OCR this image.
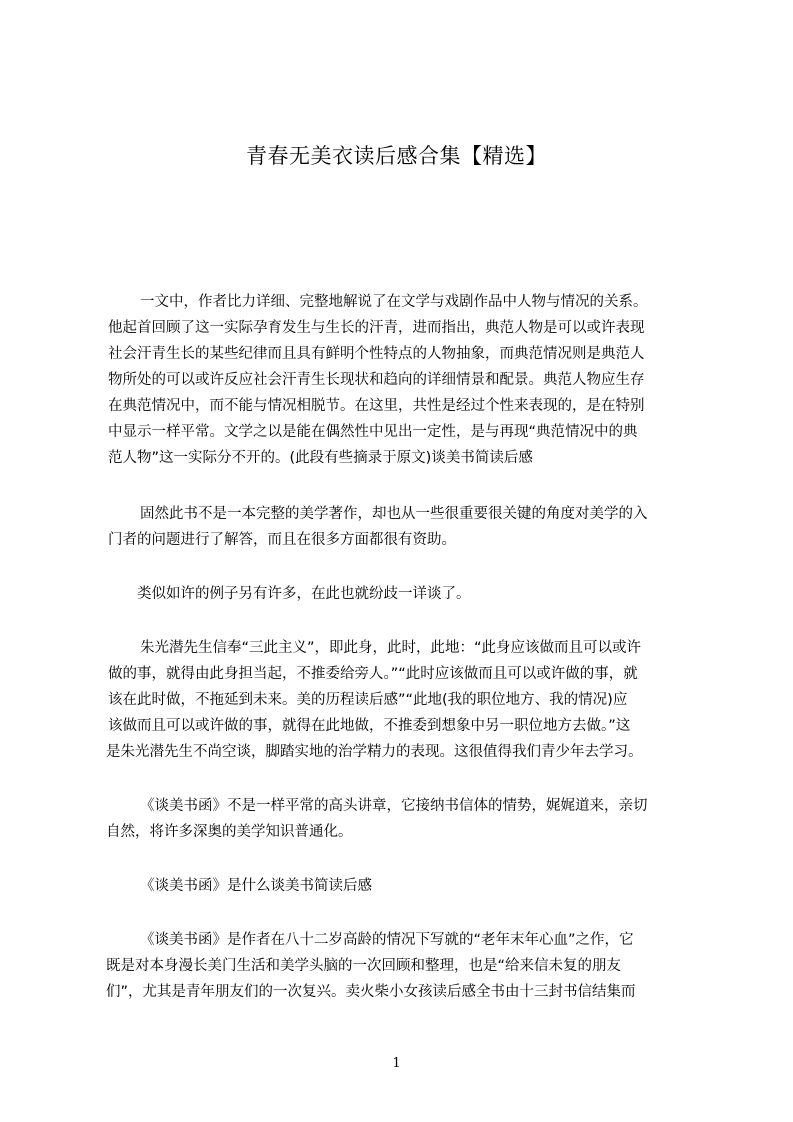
青春无美衣读后感合集【精选】
一文中，作者比力详细、完整地解说了在文学与戏剧作品中人物与情况的关系。
他起首回顾了这一实际孕育发生与生长的汗青，进而指出，典范人物是可以或许表现
社会汗青生长的某些纪律而且具有鲜明个性特点的人物抽象，而典范情况则是典范人
物所处的可以或许反应社会汗青生长现状和趋向的详细情景和配景。典范人物应生存
在典范情况中，而不能与情况相脱节。在这里，共性是经过个性来表现的，是在特别
中显示一样平常。文学之以是能在偶然性中见出一定性，是与再现“典范情况中的典
范人物”这一实际分不开的。(此段有些摘录于原文)谈美书简读后感
固然此书不是一本完整的美学著作，却也从一些很重要很关键的角度对美学的入
门者的问题进行了解答，而且在很多方面都很有资助。
类似如许的例子另有许多，在此也就纷歧一详谈了。
朱光潜先生信奉“三此主义”，即此身，此时，此地：“此身应该做而且可以或许
做的事，就得由此身担当起，不推委给旁人。”“此时应该做而且可以或许做的事，就
该在此时做，不拖延到未来。美的历程读后感”“此地(我的职位地方、我的情况)应
该做而且可以或许做的事，就得在此地做，不推委到想象中另一职位地方去做。”这
是朱光潜先生不尚空谈，脚踏实地的治学精力的表现。这很值得我们青少年去学习。
《谈美书函》不是一样平常的高头讲章，它接纳书信体的情势，娓娓道来，亲切
自然，将许多深奥的美学知识普通化。
《谈美书函》是什么谈美书简读后感
《谈美书函》是作者在八十二岁高龄的情况下写就的“老年末年心血”之作，它
既是对本身漫长美门生活和美学头脑的一次回顾和整理，也是“给来信未复的朋友
们”，尤其是青年朋友们的一次复兴。卖火柴小女孩读后感全书由十三封书信结集而
1
